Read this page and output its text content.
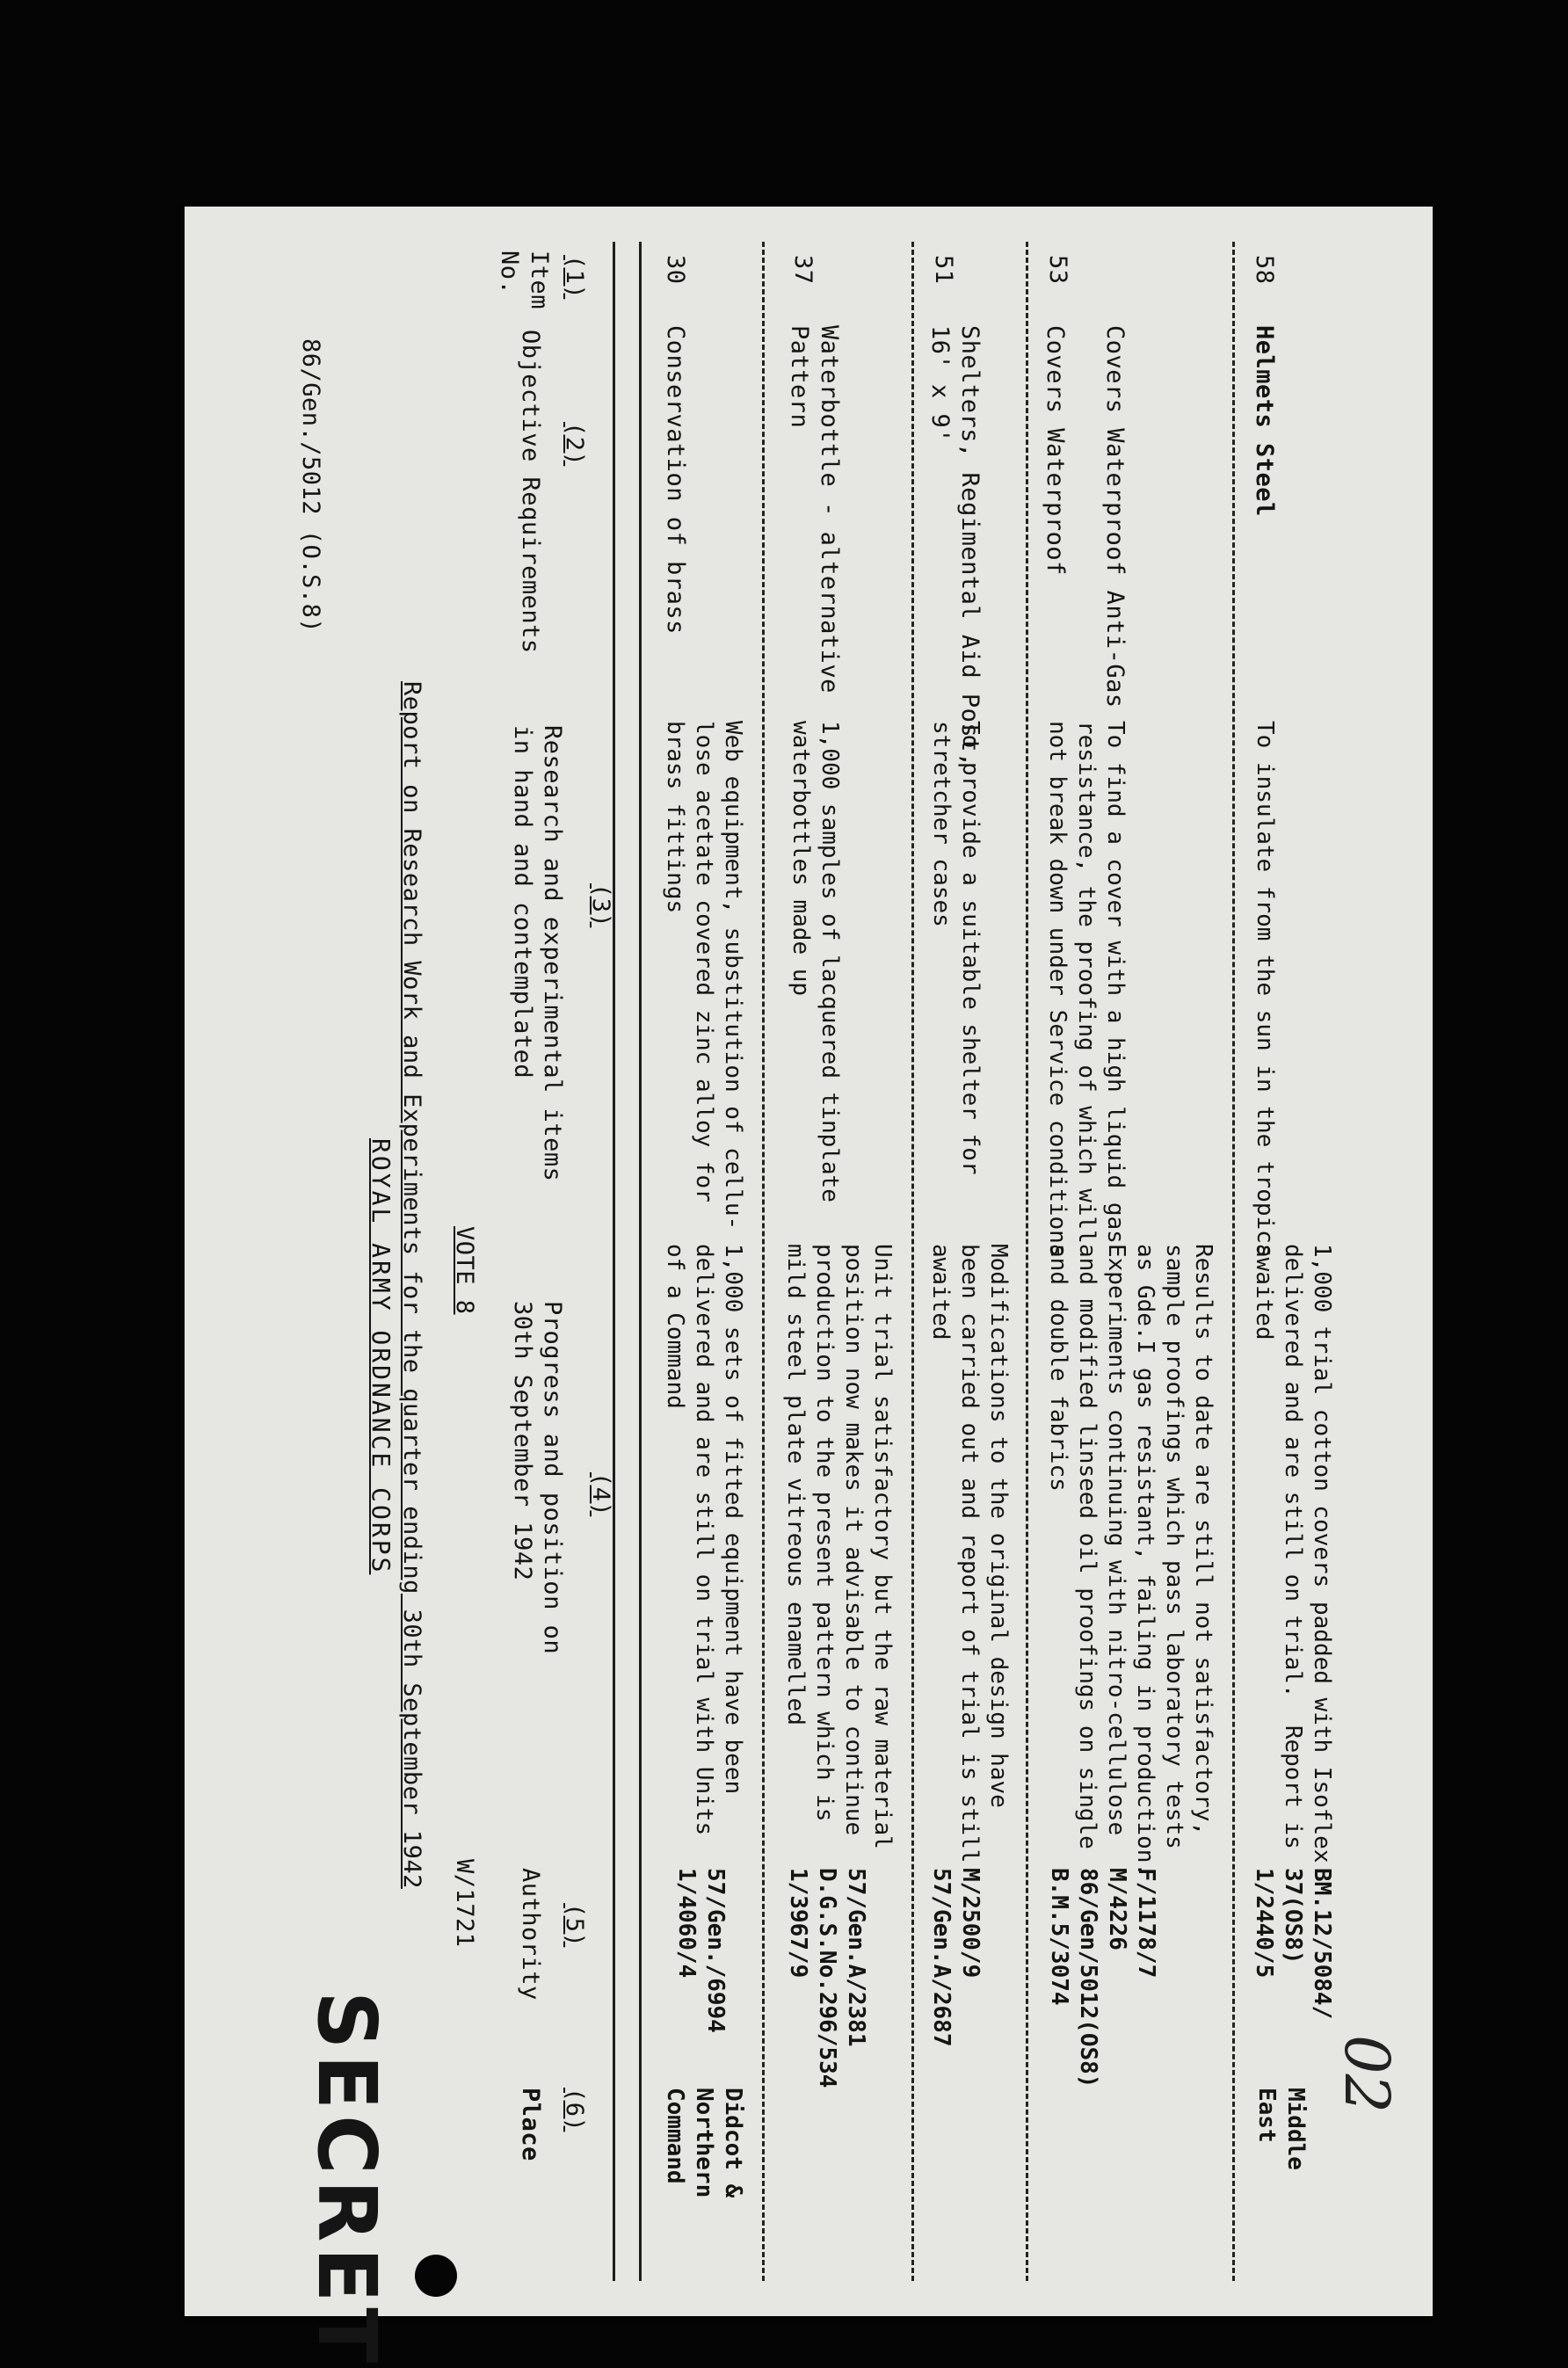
86/Gen./5012 (O.S.8)
ROYAL ARMY ORDNANCE CORPS Report on Research Work and Experiments for the quarter ending 30th September 1942 VOTE 8
W/1721
SECRET
Item
No.	(1)
Objective Requirements (2)
Research and experimental items
in hand and contemplated	(3)
Progress and position on
30th September 1942
(4)
Authority (5)
Place (6)
30
Conservation of brass
Web equipment, substitution of cellu-
lose acetate covered zinc alloy for
brass fittings
1,000 sets of fitted equipment have been
delivered and are still on trial with Units
of a Command
57/Gen./6994
1/4060/4
Didcot &
Northern
Command
37
Waterbottle - alternative
Pattern
1,000 samples of lacquered tinplate
waterbottles made up
Unit trial satisfactory but the raw material
position now makes it advisable to continue
production to the present pattern which is
mild steel plate vitreous enamelled
57/Gen.A/2381
D.G.S.No.296/534
1/3967/9
51
Shelters, Regimental Aid Post,
16' x 9'
To provide a suitable shelter for
stretcher cases
Modifications to the original design have
been carried out and report of trial is still
awaited
M/2500/9
57/Gen.A/2687
53
Covers Waterproof Anti-Gas

Covers Waterproof
To find a cover with a high liquid gas
resistance, the proofing of which will
not break down under Service conditions
Results to date are still not satisfactory,
sample proofings which pass laboratory tests
as Gde.I gas resistant, failing in production.
Experiments continuing with nitro-cellulose
and modified linseed oil proofings on single
and double fabrics
F/1178/7
M/4226
86/Gen/5012(OS8)
B.M.5/3074
58
Helmets Steel
To insulate from the sun in the tropics
1,000 trial cotton covers padded with Isoflex
delivered and are still on trial.  Report is
awaited
BM.12/5084/
37(OS8)
1/2440/5
Middle
East
02
